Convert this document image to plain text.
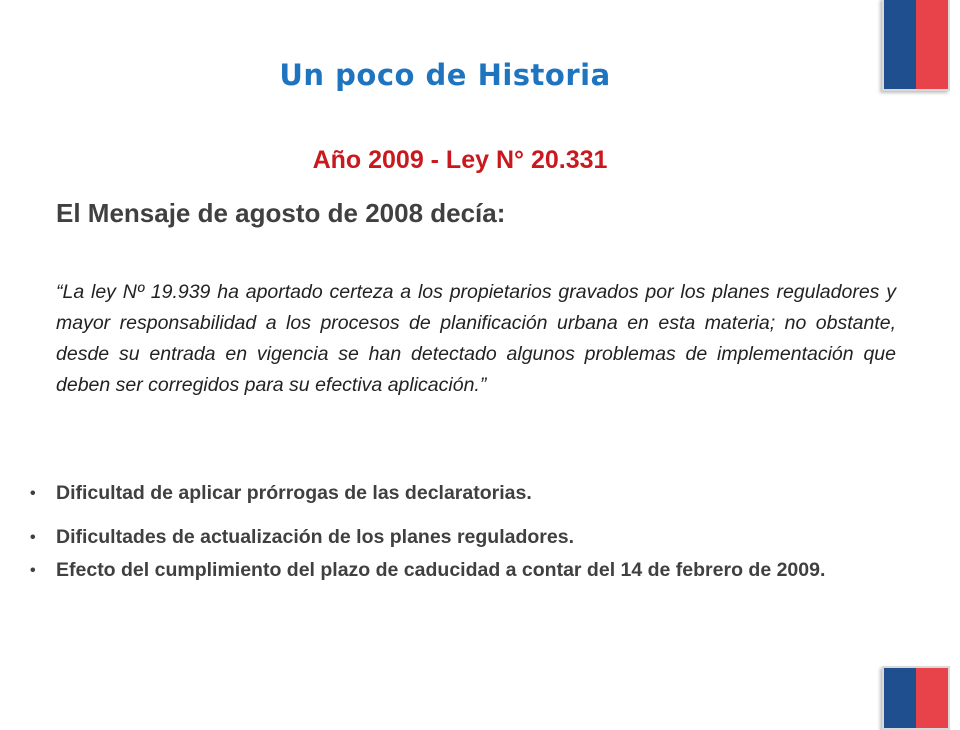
Un poco de Historia
Año 2009 - Ley N° 20.331
El Mensaje de agosto de 2008 decía:

“La ley Nº 19.939 ha aportado certeza a los propietarios gravados por los planes reguladores y mayor responsabilidad a los procesos de planificación urbana en esta materia; no obstante, desde su entrada en vigencia se han detectado algunos problemas de implementación que deben ser corregidos para su efectiva aplicación.”

• Dificultad de aplicar prórrogas de las declaratorias.
• Dificultades de actualización de los planes reguladores.
• Efecto del cumplimiento del plazo de caducidad a contar del 14 de febrero de 2009.
